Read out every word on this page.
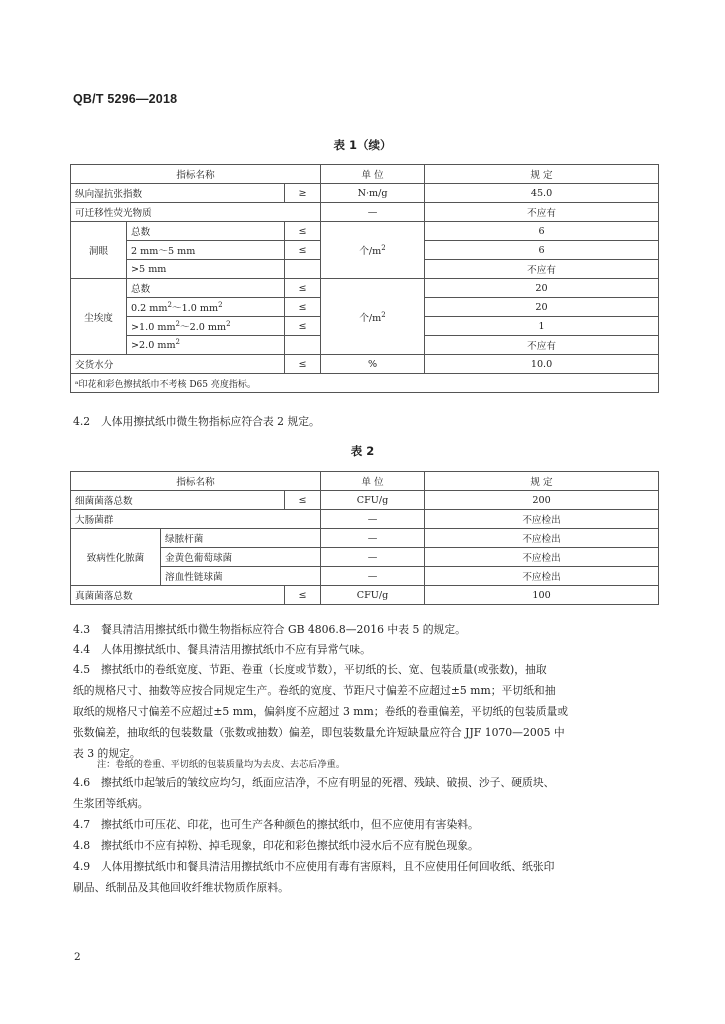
QB/T 5296—2018
表 1（续）
指标名称			单 位	规 定
纵向湿抗张指数		≥	N·m/g	45.0
可迁移性荧光物质			—	不应有
洞眼	总数	≤	个$/m^2$	6
	2 mm～5 mm	≤		6
	>5 mm			不应有
尘埃度	总数	≤	个$/m^2$	20
	0.2 $mm^2\sim 1.0$ $mm^2$	≤		20
	>1.0 $mm^2\sim 2.0$ $mm^2$	≤		1
	>2.0 $mm^2$			不应有
交货水分		≤	%	10.0
ᵃ印花和彩色擦拭纸巾不考核 D65 亮度指标。				
4.2　人体用擦拭纸巾微生物指标应符合表 2 规定。
表 2
指标名称			单 位	规 定
细菌菌落总数		≤	CFU/g	200
大肠菌群			—	不应检出
致病性化脓菌	绿脓杆菌		—	不应检出
	金黄色葡萄球菌		—	不应检出
	溶血性链球菌		—	不应检出
真菌菌落总数		≤	CFU/g	100
4.3　餐具清洁用擦拭纸巾微生物指标应符合 GB 4806.8—2016 中表 5 的规定。
4.4　人体用擦拭纸巾、餐具清洁用擦拭纸巾不应有异常气味。
4.5　擦拭纸巾的卷纸宽度、节距、卷重（长度或节数），平切纸的长、宽、包装质量(或张数)，抽取
纸的规格尺寸、抽数等应按合同规定生产。卷纸的宽度、节距尺寸偏差不应超过±5 mm；平切纸和抽
取纸的规格尺寸偏差不应超过±5 mm，偏斜度不应超过 3 mm；卷纸的卷重偏差，平切纸的包装质量或
张数偏差，抽取纸的包装数量（张数或抽数）偏差，即包装数量允许短缺量应符合 JJF 1070—2005 中
表 3 的规定。
注：卷纸的卷重、平切纸的包装质量均为去皮、去芯后净重。
4.6　擦拭纸巾起皱后的皱纹应均匀，纸面应洁净，不应有明显的死褶、残缺、破损、沙子、硬质块、
生浆团等纸病。
4.7　擦拭纸巾可压花、印花，也可生产各种颜色的擦拭纸巾，但不应使用有害染料。
4.8　擦拭纸巾不应有掉粉、掉毛现象，印花和彩色擦拭纸巾浸水后不应有脱色现象。
4.9　人体用擦拭纸巾和餐具清洁用擦拭纸巾不应使用有毒有害原料，且不应使用任何回收纸、纸张印
刷品、纸制品及其他回收纤维状物质作原料。
2
